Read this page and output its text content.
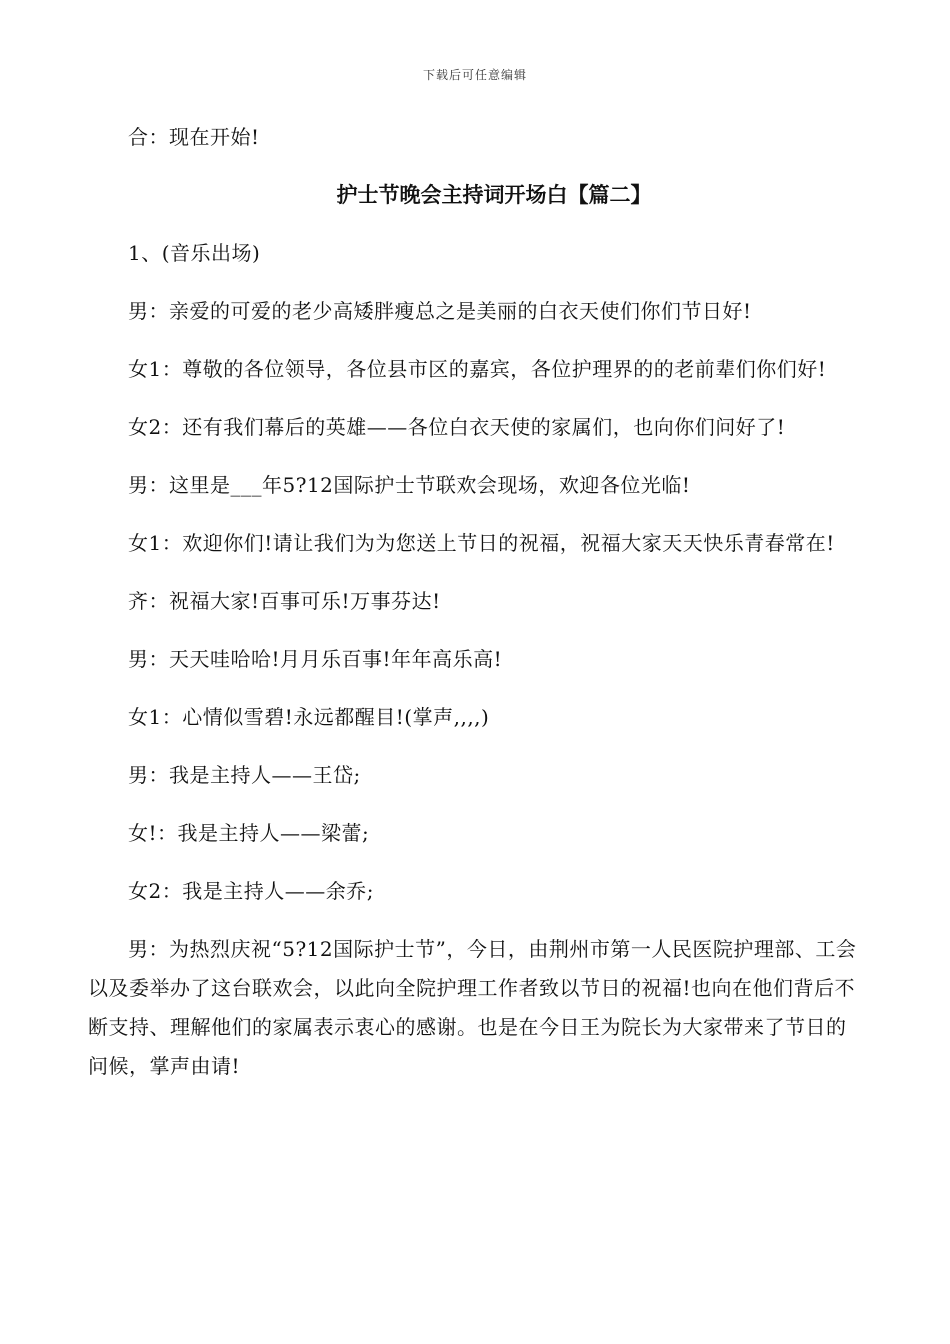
下载后可任意编辑

合：现在开始!

护士节晚会主持词开场白【篇二】

1、(音乐出场)

男：亲爱的可爱的老少高矮胖瘦总之是美丽的白衣天使们你们节日好!

女1：尊敬的各位领导，各位县市区的嘉宾，各位护理界的的老前辈们你们好!

女2：还有我们幕后的英雄——各位白衣天使的家属们，也向你们问好了!

男：这里是___年5?12国际护士节联欢会现场，欢迎各位光临!

女1：欢迎你们!请让我们为为您送上节日的祝福，祝福大家天天快乐青春常在!

齐：祝福大家!百事可乐!万事芬达!

男：天天哇哈哈!月月乐百事!年年高乐高!

女1：心情似雪碧!永远都醒目!(掌声,,,,)

男：我是主持人——王岱;

女!：我是主持人——梁蕾;

女2：我是主持人——余乔;

男：为热烈庆祝“5?12国际护士节”，今日，由荆州市第一人民医院护理部、工会以及委举办了这台联欢会，以此向全院护理工作者致以节日的祝福!也向在他们背后不断支持、理解他们的家属表示衷心的感谢。也是在今日王为院长为大家带来了节日的问候，掌声由请!
